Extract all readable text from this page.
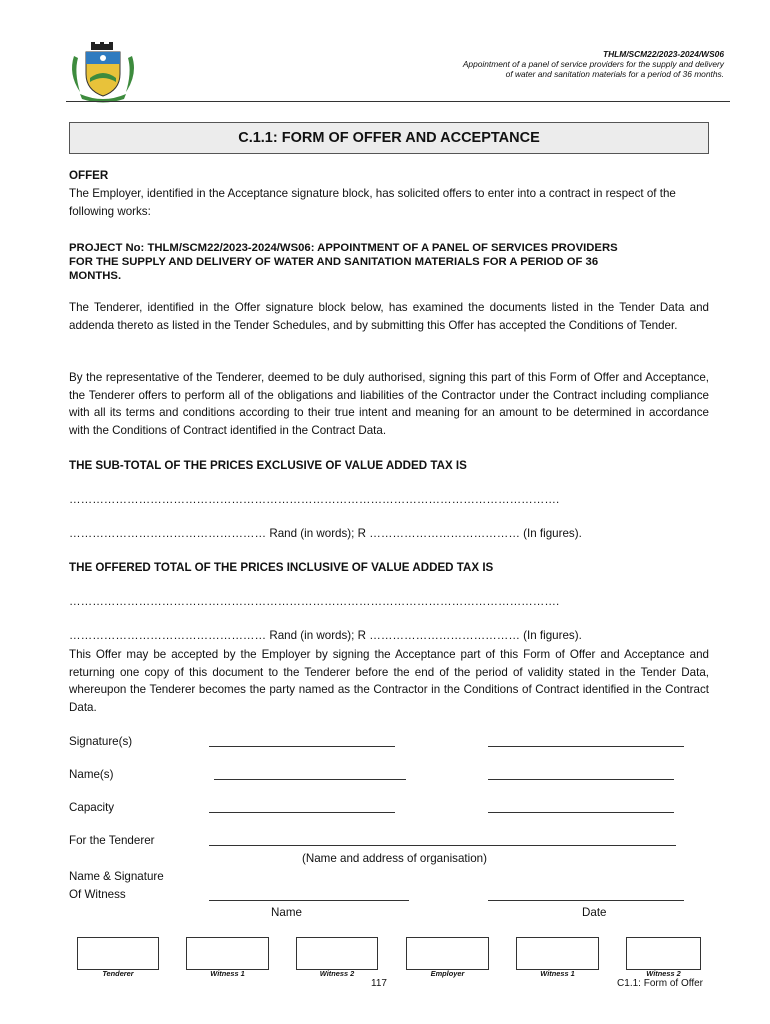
THLM/SCM22/2023-2024/WS06
Appointment of a panel of service providers for the supply and delivery
of water and sanitation materials for a period of 36 months.
C.1.1: FORM OF OFFER AND ACCEPTANCE
OFFER
The Employer, identified in the Acceptance signature block, has solicited offers to enter into a contract in respect of the following works:
PROJECT No: THLM/SCM22/2023-2024/WS06: APPOINTMENT OF A PANEL OF SERVICES PROVIDERS
FOR THE SUPPLY AND DELIVERY OF WATER AND SANITATION MATERIALS FOR A PERIOD OF 36
MONTHS.
The Tenderer, identified in the Offer signature block below, has examined the documents listed in the Tender Data and addenda thereto as listed in the Tender Schedules, and by submitting this Offer has accepted the Conditions of Tender.
By the representative of the Tenderer, deemed to be duly authorised, signing this part of this Form of Offer and Acceptance, the Tenderer offers to perform all of the obligations and liabilities of the Contractor under the Contract including compliance with all its terms and conditions according to their true intent and meaning for an amount to be determined in accordance with the Conditions of Contract identified in the Contract Data.
THE SUB-TOTAL OF THE PRICES EXCLUSIVE OF VALUE ADDED TAX IS
……………………………………………………………………………………………………………….
…………………………………………… Rand (in words); R ………………………………… (In figures).
THE OFFERED TOTAL OF THE PRICES INCLUSIVE OF VALUE ADDED TAX IS
……………………………………………………………………………………………………………….
…………………………………………… Rand (in words); R ………………………………… (In figures).
This Offer may be accepted by the Employer by signing the Acceptance part of this Form of Offer and Acceptance and returning one copy of this document to the Tenderer before the end of the period of validity stated in the Tender Data, whereupon the Tenderer becomes the party named as the Contractor in the Conditions of Contract identified in the Contract Data.
Signature(s)
Name(s)
Capacity
For the Tenderer
(Name and address of organisation)
Name & Signature
Of Witness
Name	Date
Tenderer	Witness 1	Witness 2	Employer	Witness 1	Witness 2
117	C1.1: Form of Offer
